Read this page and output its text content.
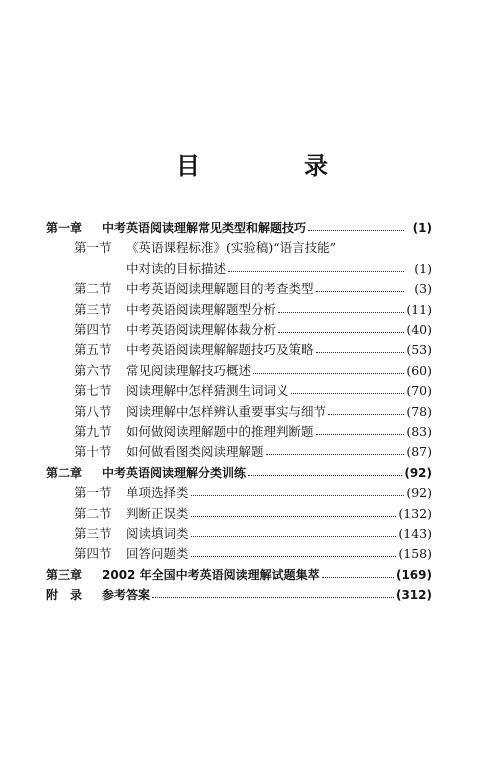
目　录
第一章	中考英语阅读理解常见类型和解题技巧	(1)
第一节	《英语课程标准》(实验稿)“语言技能”
中对读的目标描述	(1)
第二节	中考英语阅读理解题目的考查类型	(3)
第三节	中考英语阅读理解题型分析	(11)
第四节	中考英语阅读理解体裁分析	(40)
第五节	中考英语阅读理解解题技巧及策略	(53)
第六节	常见阅读理解技巧概述	(60)
第七节	阅读理解中怎样猜测生词词义	(70)
第八节	阅读理解中怎样辨认重要事实与细节	(78)
第九节	如何做阅读理解题中的推理判断题	(83)
第十节	如何做看图类阅读理解题	(87)
第二章	中考英语阅读理解分类训练	(92)
第一节	单项选择类	(92)
第二节	判断正误类	(132)
第三节	阅读填词类	(143)
第四节	回答问题类	(158)
第三章	2002 年全国中考英语阅读理解试题集萃	(169)
附　录	参考答案	(312)
